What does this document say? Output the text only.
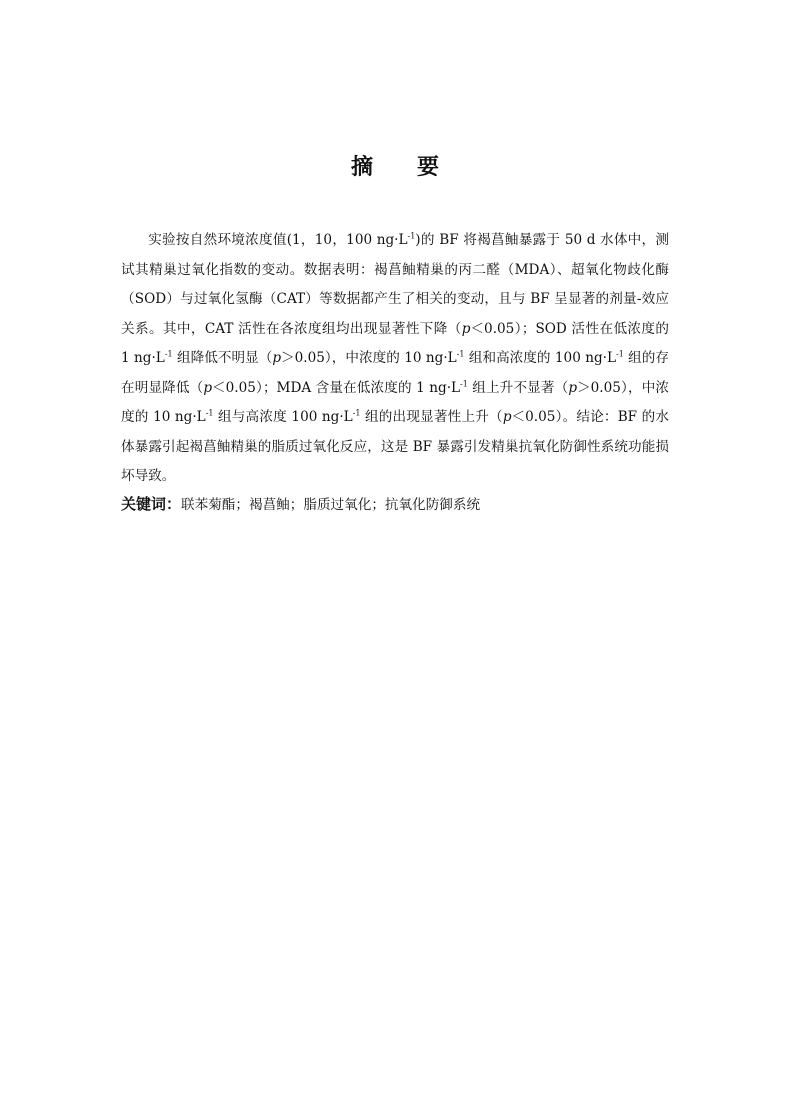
摘 要

实验按自然环境浓度值(1，10，100 $ng\cdot L^{-1}$)的 BF 将褐菖鲉暴露于 50 d 水体中，测试其精巢过氧化指数的变动。数据表明：褐菖鲉精巢的丙二醛（MDA）、超氧化物歧化酶（SOD）与过氧化氢酶（CAT）等数据都产生了相关的变动，且与 BF 呈显著的剂量-效应关系。其中，CAT 活性在各浓度组均出现显著性下降（p＜0.05）；SOD 活性在低浓度的 1 $ng\cdot L^{-1}$ 组降低不明显（p＞0.05），中浓度的 10 $ng\cdot L^{-1}$ 组和高浓度的 100 $ng\cdot L^{-1}$ 组的存在明显降低（p＜0.05）；MDA 含量在低浓度的 1 $ng\cdot L^{-1}$ 组上升不显著（p＞0.05），中浓度的 10 $ng\cdot L^{-1}$ 组与高浓度 100 $ng\cdot L^{-1}$ 组的出现显著性上升（p＜0.05）。结论：BF 的水体暴露引起褐菖鲉精巢的脂质过氧化反应，这是 BF 暴露引发精巢抗氧化防御性系统功能损坏导致。

关键词：联苯菊酯；褐菖鲉；脂质过氧化；抗氧化防御系统
